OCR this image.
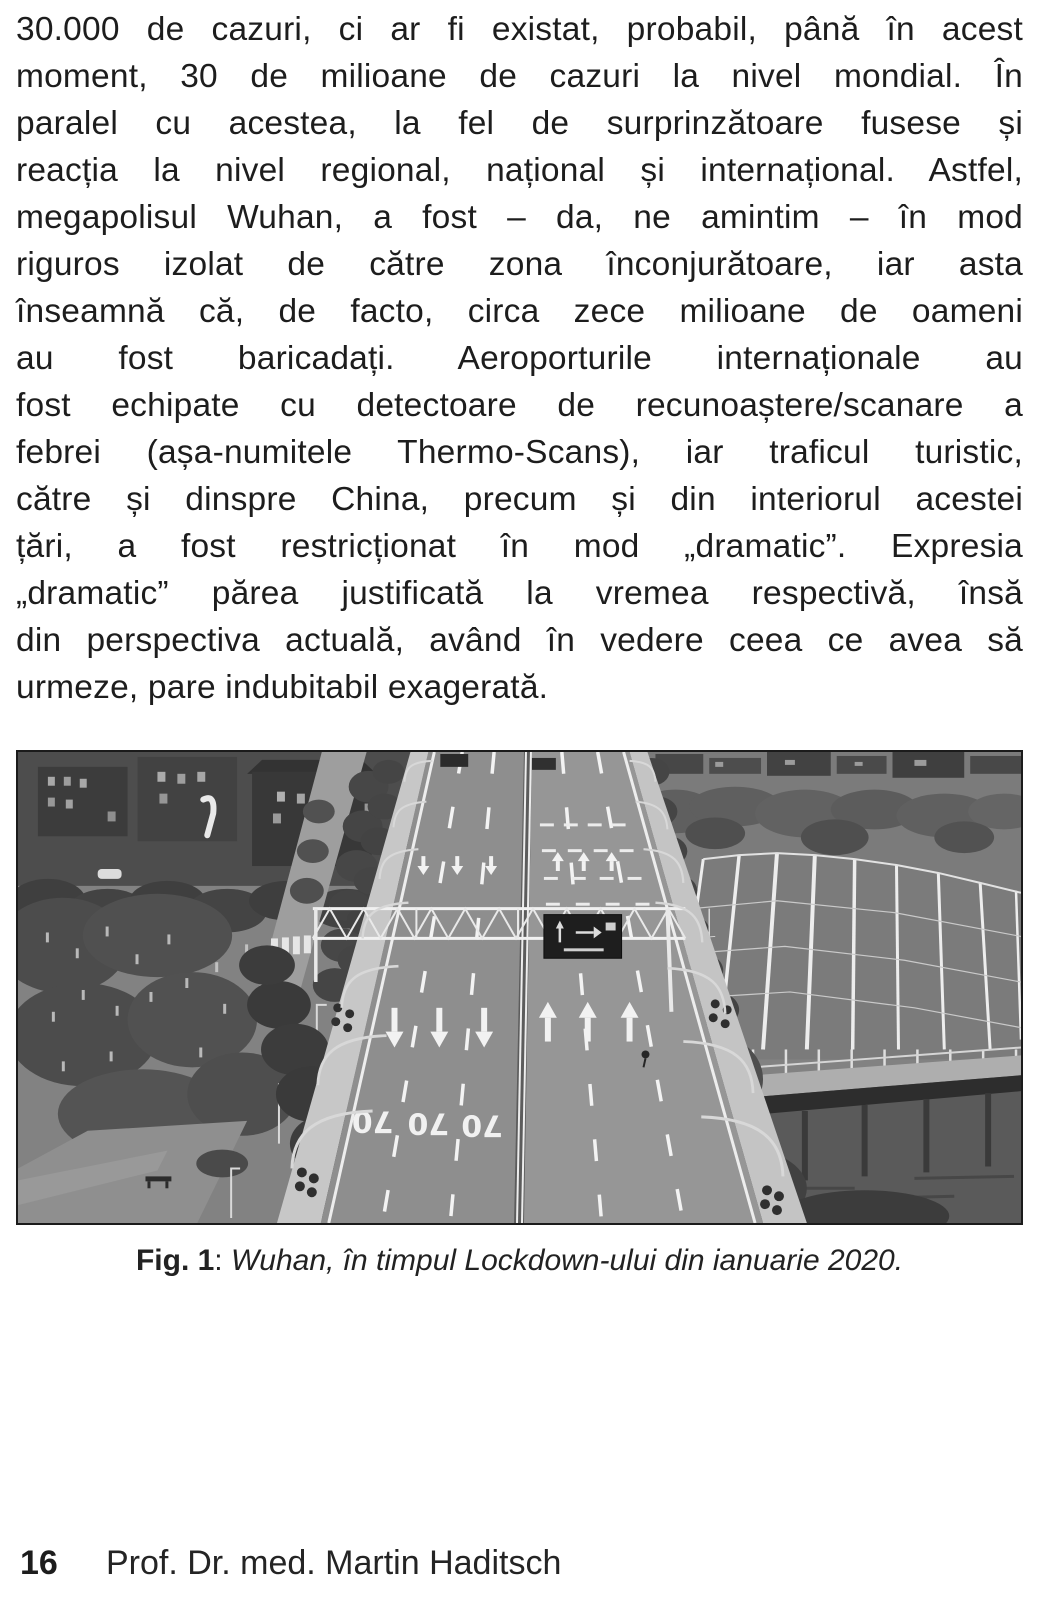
30.000 de cazuri, ci ar fi existat, probabil, până în acest
moment, 30 de milioane de cazuri la nivel mondial. În
paralel cu acestea, la fel de surprinzătoare fusese și
reacția la nivel regional, național și internațional. Astfel,
megapolisul Wuhan, a fost – da, ne amintim – în mod
riguros izolat de către zona înconjurătoare, iar asta
înseamnă că, de facto, circa zece milioane de oameni
au fost baricadați. Aeroporturile internaționale au
fost echipate cu detectoare de recunoaștere/scanare a
febrei (așa-numitele Thermo-Scans), iar traficul turistic,
către și dinspre China, precum și din interiorul acestei
țări, a fost restricționat în mod „dramatic”. Expresia
„dramatic” părea justificată la vremea respectivă, însă
din perspectiva actuală, având în vedere ceea ce avea să
urmeze, pare indubitabil exagerată.
70 70 70
Fig. 1: Wuhan, în timpul Lockdown-ului din ianuarie 2020.
16 Prof. Dr. med. Martin Haditsch
